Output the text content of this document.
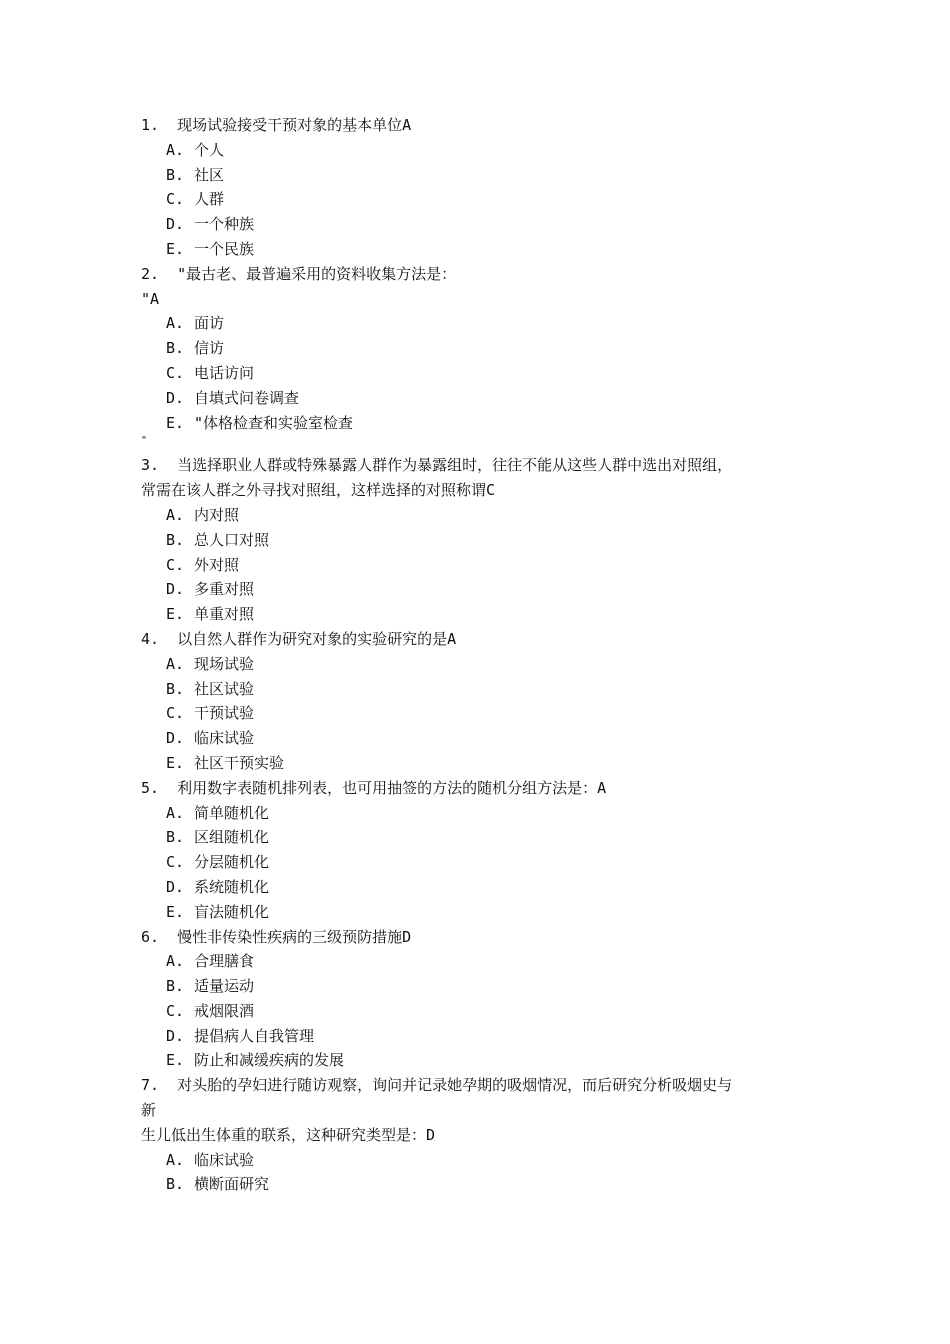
1.  现场试验接受干预对象的基本单位A
A. 个人
B. 社区
C. 人群
D. 一个种族
E. 一个民族
2.  "最古老、最普遍采用的资料收集方法是：
"A
A. 面访
B. 信访
C. 电话访问
D. 自填式问卷调查
E. "体格检查和实验室检查
"
3.  当选择职业人群或特殊暴露人群作为暴露组时，往往不能从这些人群中选出对照组，
常需在该人群之外寻找对照组，这样选择的对照称谓C
A. 内对照
B. 总人口对照
C. 外对照
D. 多重对照
E. 单重对照
4.  以自然人群作为研究对象的实验研究的是A
A. 现场试验
B. 社区试验
C. 干预试验
D. 临床试验
E. 社区干预实验
5.  利用数字表随机排列表，也可用抽签的方法的随机分组方法是：A
A. 简单随机化
B. 区组随机化
C. 分层随机化
D. 系统随机化
E. 盲法随机化
6.  慢性非传染性疾病的三级预防措施D
A. 合理膳食
B. 适量运动
C. 戒烟限酒
D. 提倡病人自我管理
E. 防止和减缓疾病的发展
7.  对头胎的孕妇进行随访观察，询问并记录她孕期的吸烟情况，而后研究分析吸烟史与
新
生儿低出生体重的联系，这种研究类型是：D
A. 临床试验
B. 横断面研究
